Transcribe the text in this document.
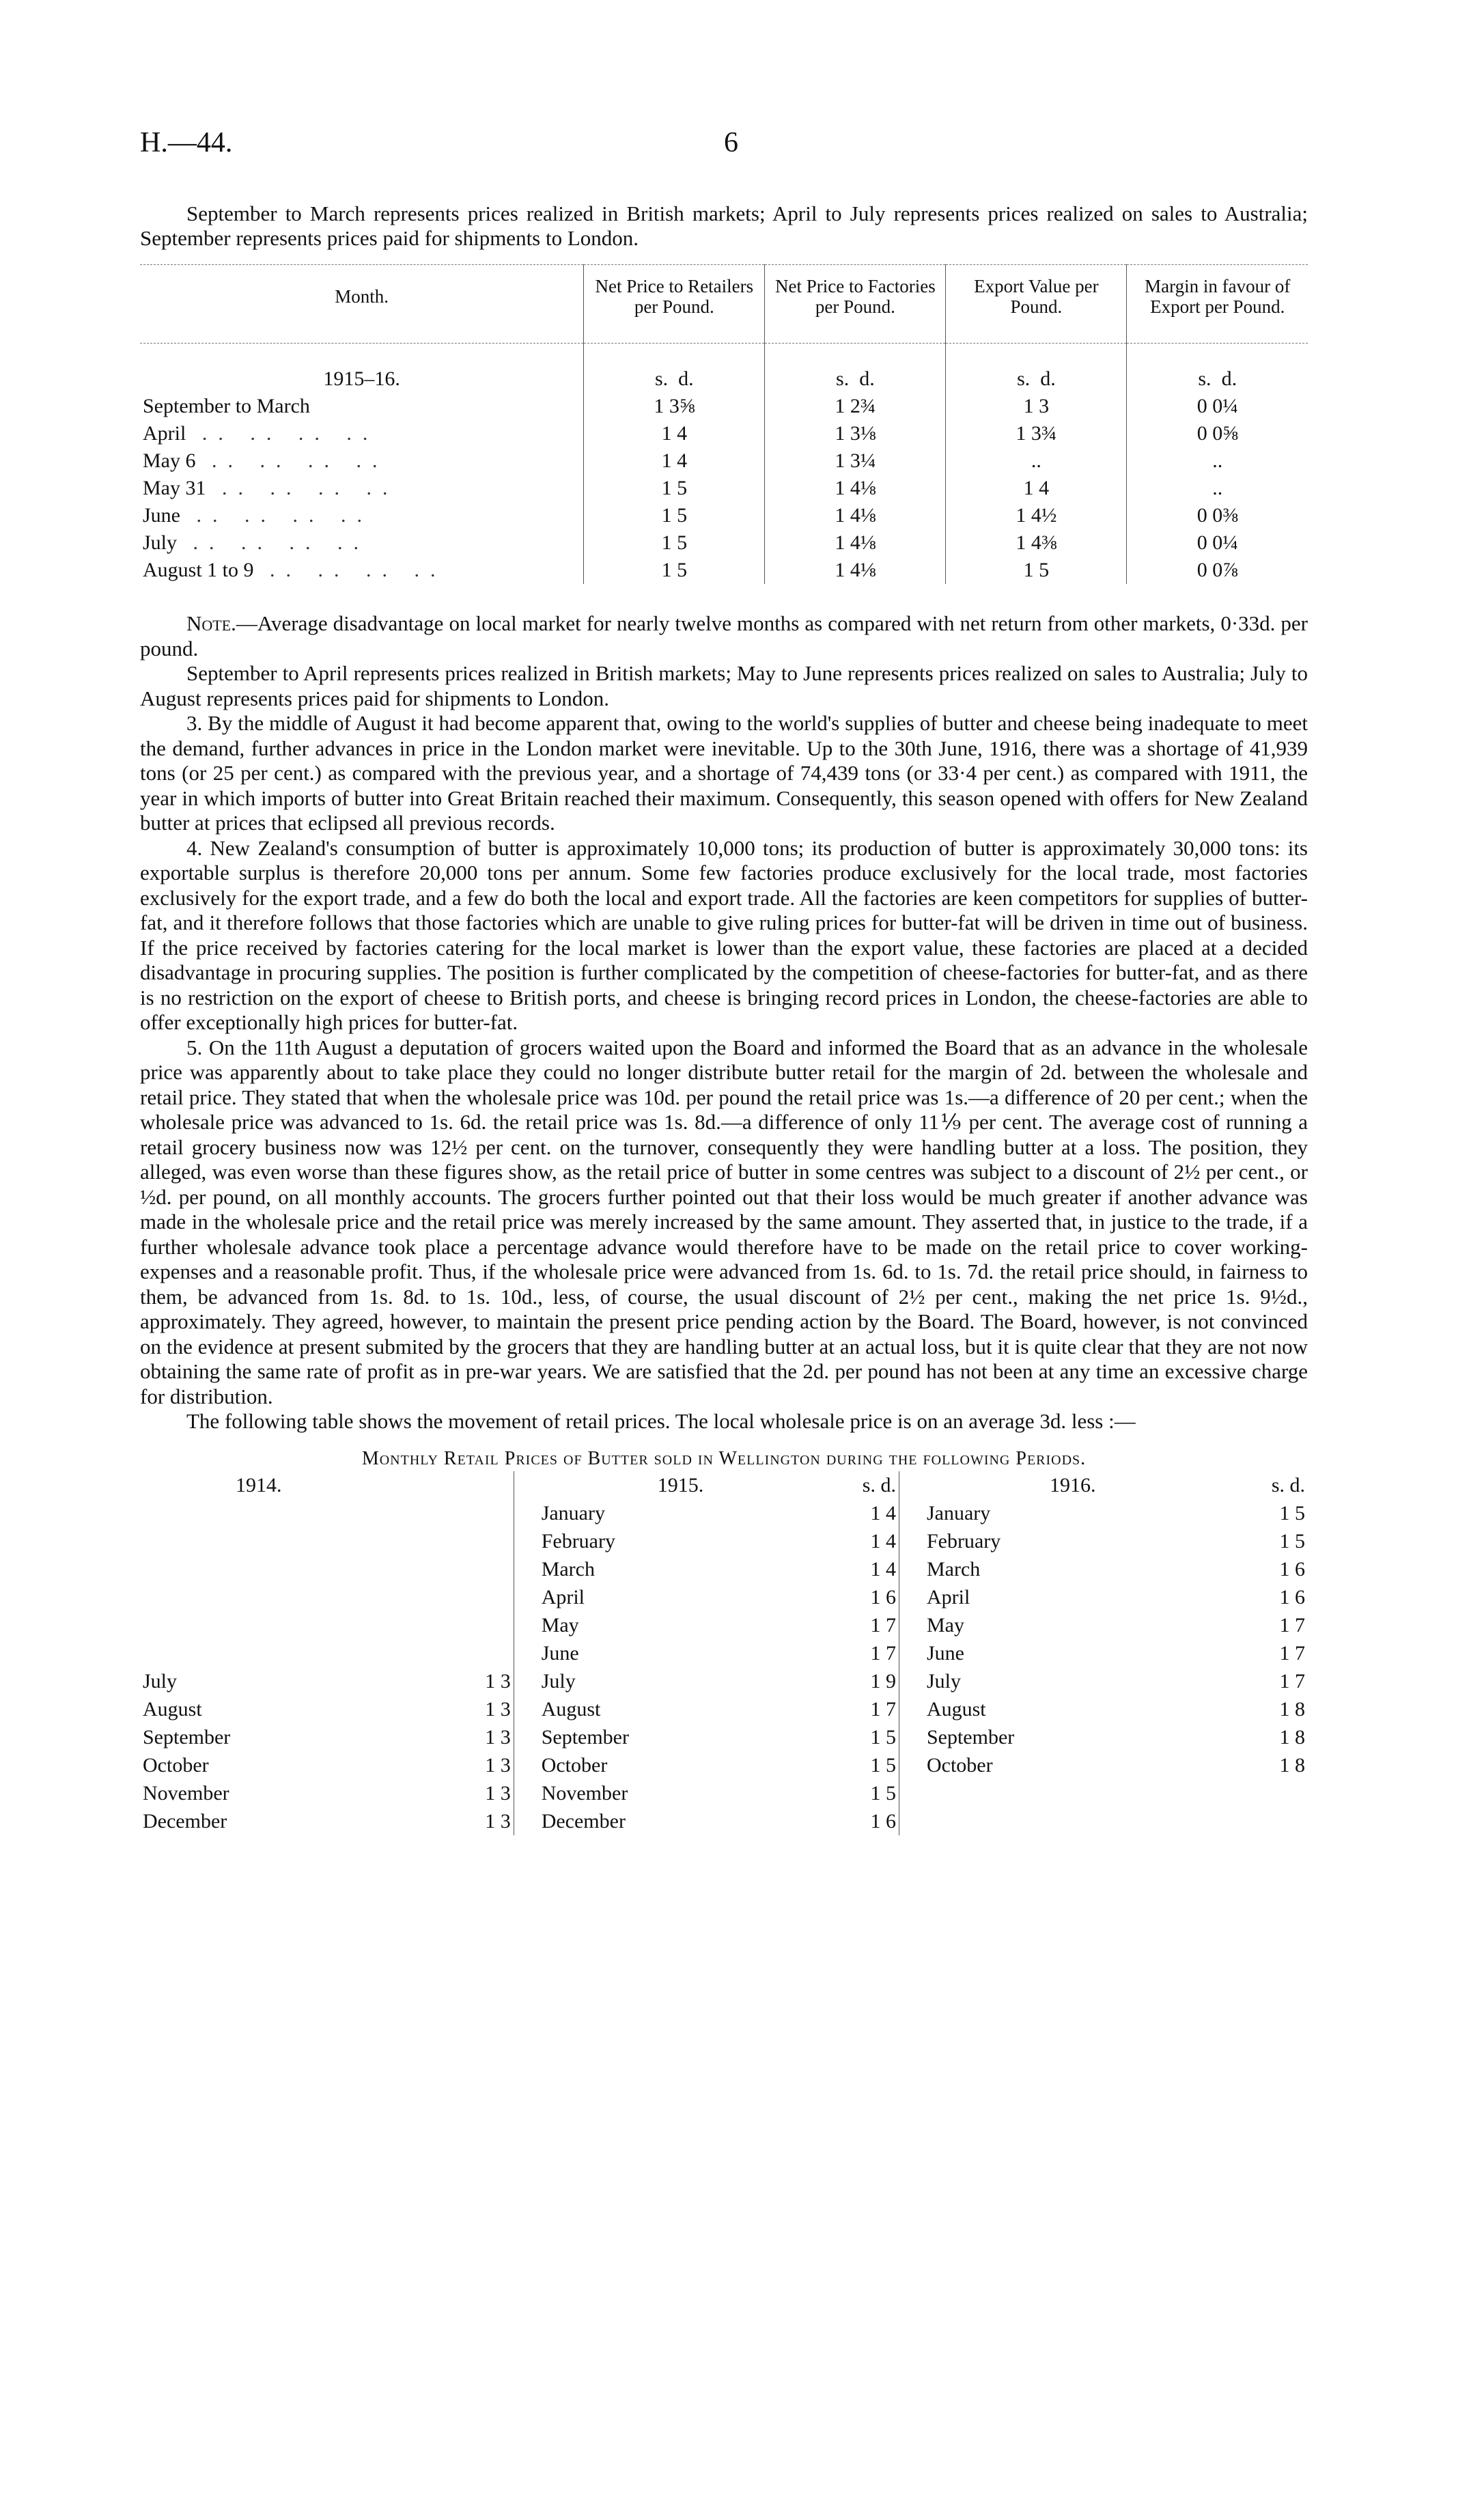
H.—44.	6

September to March represents prices realized in British markets; April to July represents prices realized on sales to Australia; September represents prices paid for shipments to London.

Month.	Net Price to Retailers per Pound.	Net Price to Factories per Pound.	Export Value per Pound.	Margin in favour of Export per Pound.
1915–16.	s. d.	s. d.	s. d.	s. d.
September to March	1 3⅝	1 2¾	1 3	0 0¼
April .. .. .. ..	1 4	1 3⅛	1 3¾	0 0⅝
May 6 .. .. .. ..	1 4	1 3¼	..	..
May 31 .. .. .. ..	1 5	1 4⅛	1 4	..
June .. .. .. ..	1 5	1 4⅛	1 4½	0 0⅜
July .. .. .. ..	1 5	1 4⅛	1 4⅜	0 0¼
August 1 to 9 .. .. .. ..	1 5	1 4⅛	1 5	0 0⅞

Note.—Average disadvantage on local market for nearly twelve months as compared with net return from other markets, 0·33d. per pound.

September to April represents prices realized in British markets; May to June represents prices realized on sales to Australia; July to August represents prices paid for shipments to London.

3. By the middle of August it had become apparent that, owing to the world's supplies of butter and cheese being inadequate to meet the demand, further advances in price in the London market were inevitable. Up to the 30th June, 1916, there was a shortage of 41,939 tons (or 25 per cent.) as compared with the previous year, and a shortage of 74,439 tons (or 33·4 per cent.) as compared with 1911, the year in which imports of butter into Great Britain reached their maximum. Consequently, this season opened with offers for New Zealand butter at prices that eclipsed all previous records.

4. New Zealand's consumption of butter is approximately 10,000 tons; its production of butter is approximately 30,000 tons: its exportable surplus is therefore 20,000 tons per annum. Some few factories produce exclusively for the local trade, most factories exclusively for the export trade, and a few do both the local and export trade. All the factories are keen competitors for supplies of butter-fat, and it therefore follows that those factories which are unable to give ruling prices for butter-fat will be driven in time out of business. If the price received by factories catering for the local market is lower than the export value, these factories are placed at a decided disadvantage in procuring supplies. The position is further complicated by the competition of cheese-factories for butter-fat, and as there is no restriction on the export of cheese to British ports, and cheese is bringing record prices in London, the cheese-factories are able to offer exceptionally high prices for butter-fat.

5. On the 11th August a deputation of grocers waited upon the Board and informed the Board that as an advance in the wholesale price was apparently about to take place they could no longer distribute butter retail for the margin of 2d. between the wholesale and retail price. They stated that when the wholesale price was 10d. per pound the retail price was 1s.—a difference of 20 per cent.; when the wholesale price was advanced to 1s. 6d. the retail price was 1s. 8d.—a difference of only 11⅑ per cent. The average cost of running a retail grocery business now was 12½ per cent. on the turnover, consequently they were handling butter at a loss. The position, they alleged, was even worse than these figures show, as the retail price of butter in some centres was subject to a discount of 2½ per cent., or ½d. per pound, on all monthly accounts. The grocers further pointed out that their loss would be much greater if another advance was made in the wholesale price and the retail price was merely increased by the same amount. They asserted that, in justice to the trade, if a further wholesale advance took place a percentage advance would therefore have to be made on the retail price to cover working-expenses and a reasonable profit. Thus, if the wholesale price were advanced from 1s. 6d. to 1s. 7d. the retail price should, in fairness to them, be advanced from 1s. 8d. to 1s. 10d., less, of course, the usual discount of 2½ per cent., making the net price 1s. 9½d., approximately. They agreed, however, to maintain the present price pending action by the Board. The Board, however, is not convinced on the evidence at present submited by the grocers that they are handling butter at an actual loss, but it is quite clear that they are not now obtaining the same rate of profit as in pre-war years. We are satisfied that the 2d. per pound has not been at any time an excessive charge for distribution.

The following table shows the movement of retail prices. The local wholesale price is on an average 3d. less :—

Monthly Retail Prices of Butter sold in Wellington during the following Periods.
1914.		1915.	s. d.	1916.	s. d.
		January	1 4	January	1 5
		February	1 4	February	1 5
		March	1 4	March	1 6
		April	1 6	April	1 6
		May	1 7	May	1 7
		June	1 7	June	1 7
July	1 3	July	1 9	July	1 7
August	1 3	August	1 7	August	1 8
September	1 3	September	1 5	September	1 8
October	1 3	October	1 5	October	1 8
November	1 3	November	1 5		
December	1 3	December	1 6		
